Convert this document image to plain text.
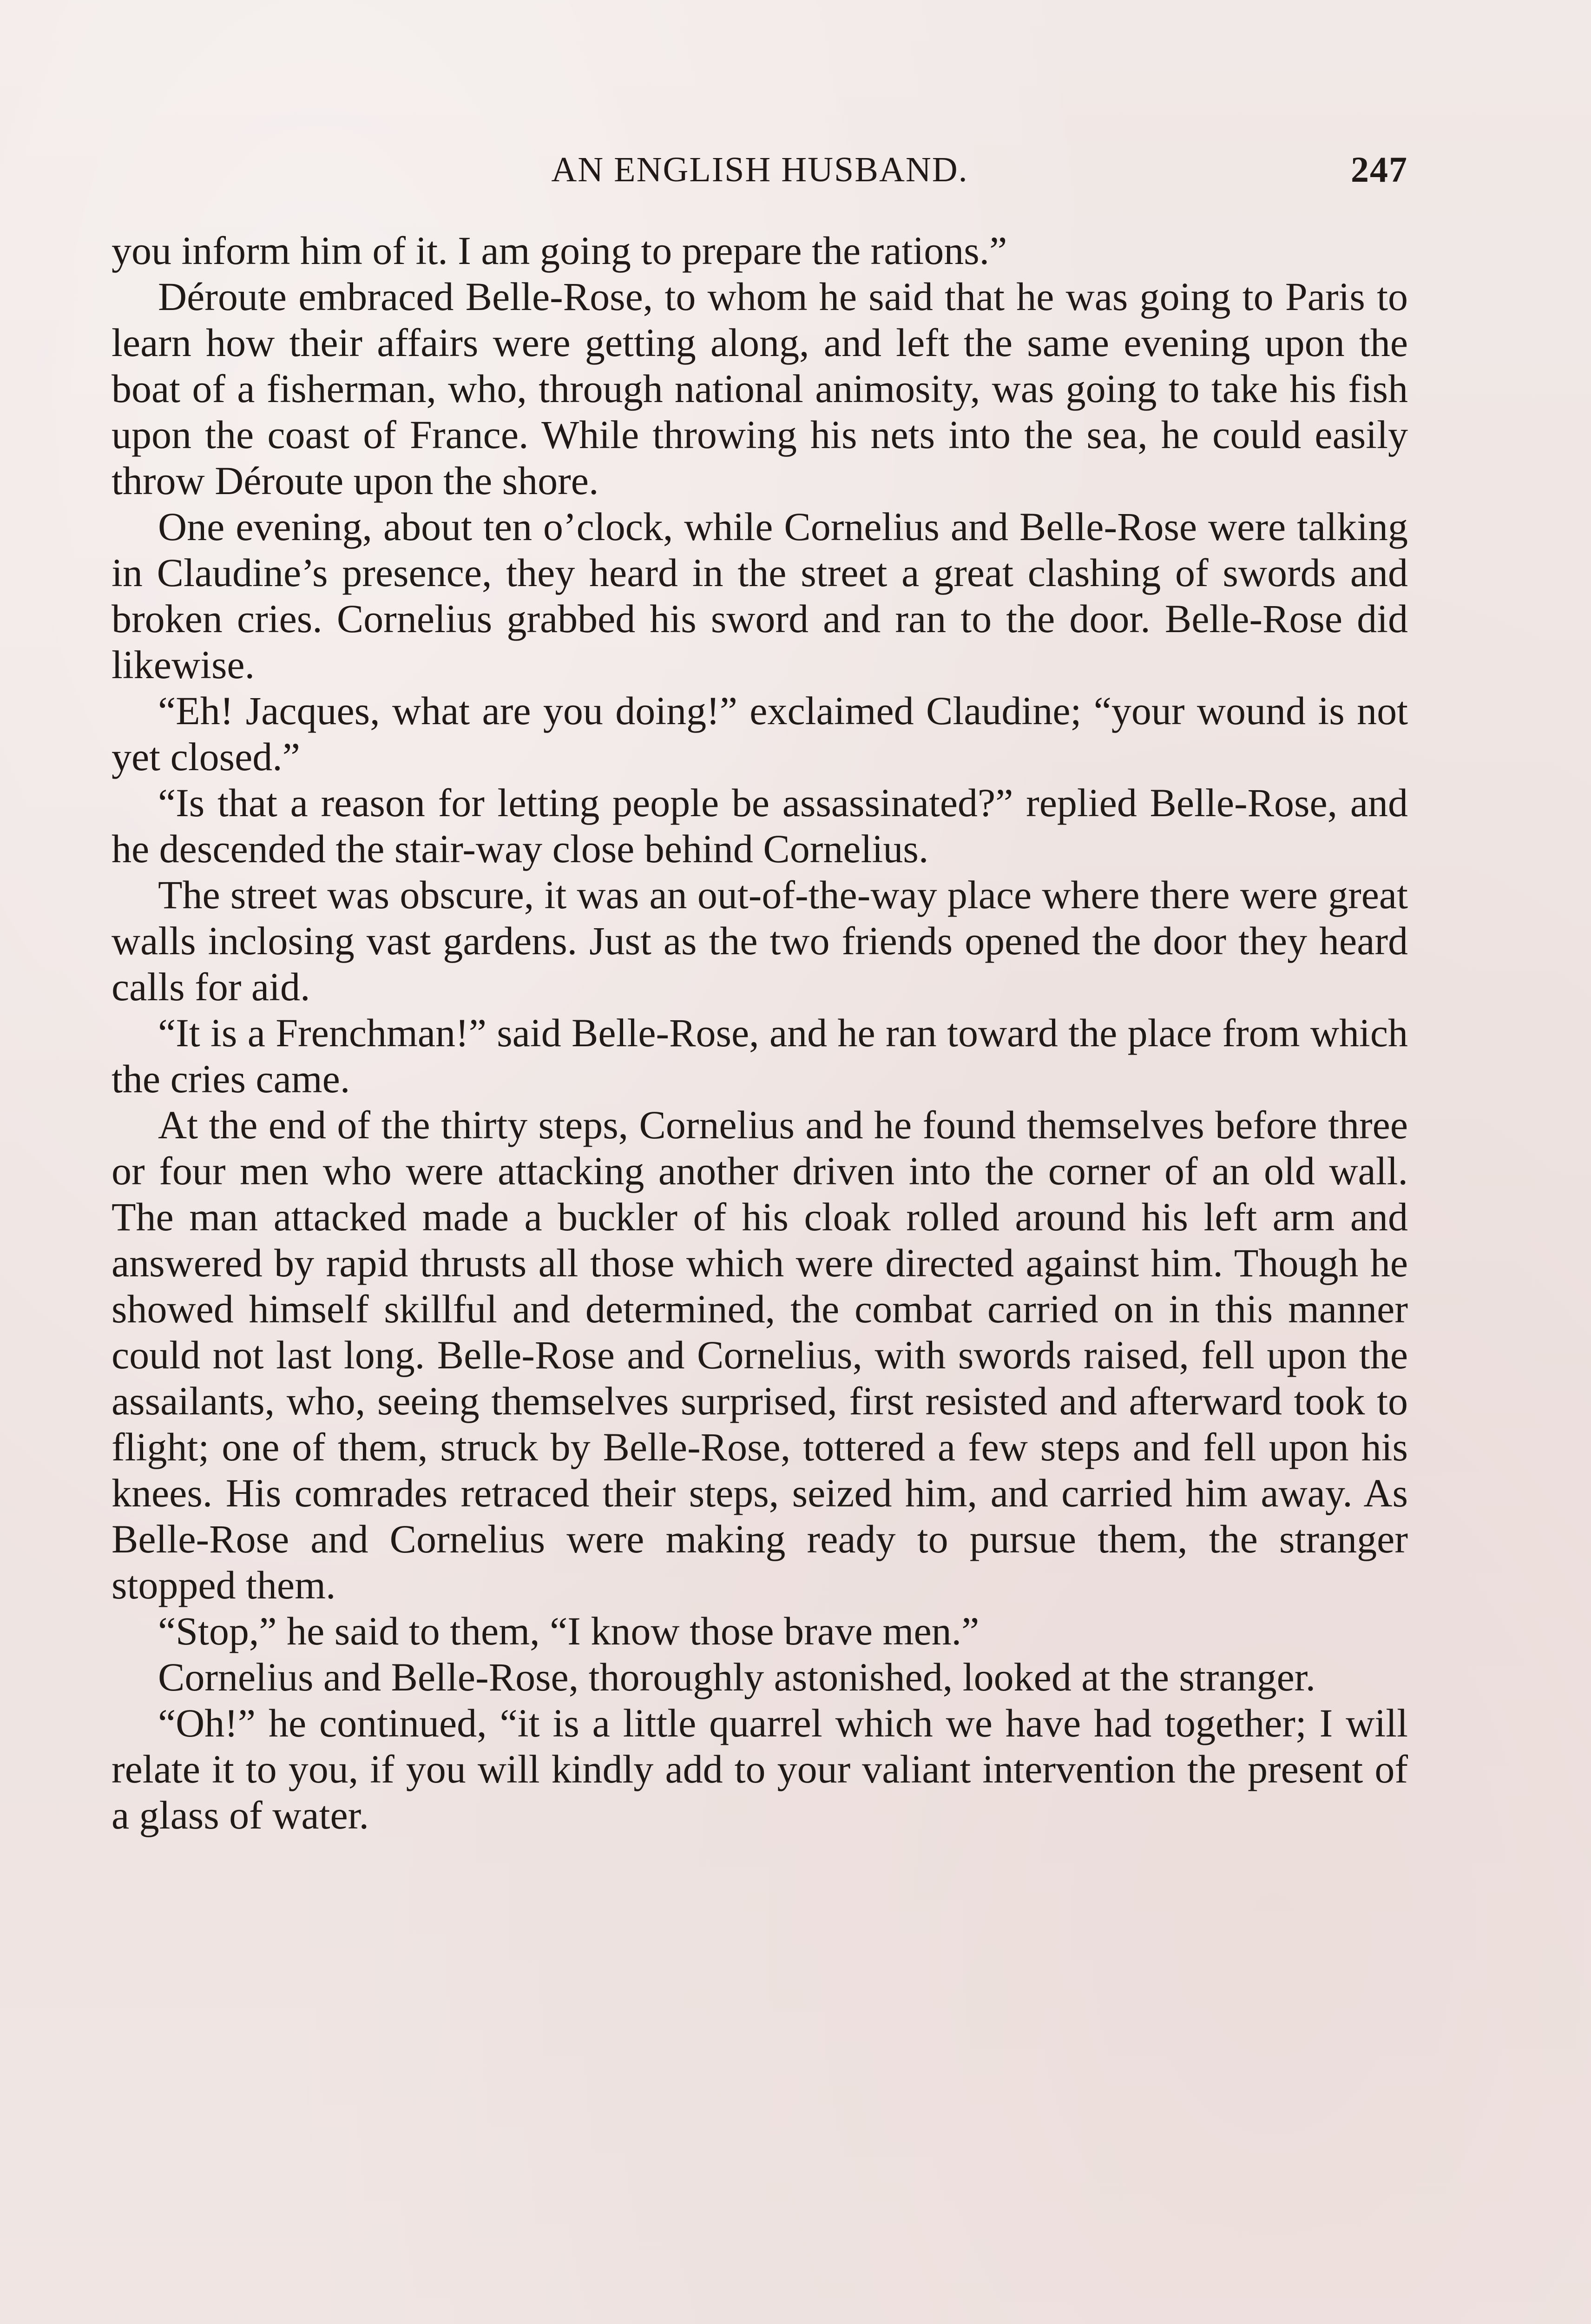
AN ENGLISH HUSBAND.	247

you inform him of it. I am going to prepare the rations.”

Déroute embraced Belle-Rose, to whom he said that he was going to Paris to learn how their affairs were getting along, and left the same evening upon the boat of a fisherman, who, through national animosity, was going to take his fish upon the coast of France. While throwing his nets into the sea, he could easily throw Déroute upon the shore.

One evening, about ten o’clock, while Cornelius and Belle-Rose were talking in Claudine’s presence, they heard in the street a great clashing of swords and broken cries. Cornelius grabbed his sword and ran to the door. Belle-Rose did likewise.

“Eh! Jacques, what are you doing!” exclaimed Claudine; “your wound is not yet closed.”

“Is that a reason for letting people be assassinated?” replied Belle-Rose, and he descended the stair-way close behind Cornelius.

The street was obscure, it was an out-of-the-way place where there were great walls inclosing vast gardens. Just as the two friends opened the door they heard calls for aid.

“It is a Frenchman!” said Belle-Rose, and he ran toward the place from which the cries came.

At the end of the thirty steps, Cornelius and he found themselves before three or four men who were attacking another driven into the corner of an old wall. The man attacked made a buckler of his cloak rolled around his left arm and answered by rapid thrusts all those which were directed against him. Though he showed himself skillful and determined, the combat carried on in this manner could not last long. Belle-Rose and Cornelius, with swords raised, fell upon the assailants, who, seeing themselves surprised, first resisted and afterward took to flight; one of them, struck by Belle-Rose, tottered a few steps and fell upon his knees. His comrades retraced their steps, seized him, and carried him away. As Belle-Rose and Cornelius were making ready to pursue them, the stranger stopped them.

“Stop,” he said to them, “I know those brave men.”

Cornelius and Belle-Rose, thoroughly astonished, looked at the stranger.

“Oh!” he continued, “it is a little quarrel which we have had together; I will relate it to you, if you will kindly add to your valiant intervention the present of a glass of water.
